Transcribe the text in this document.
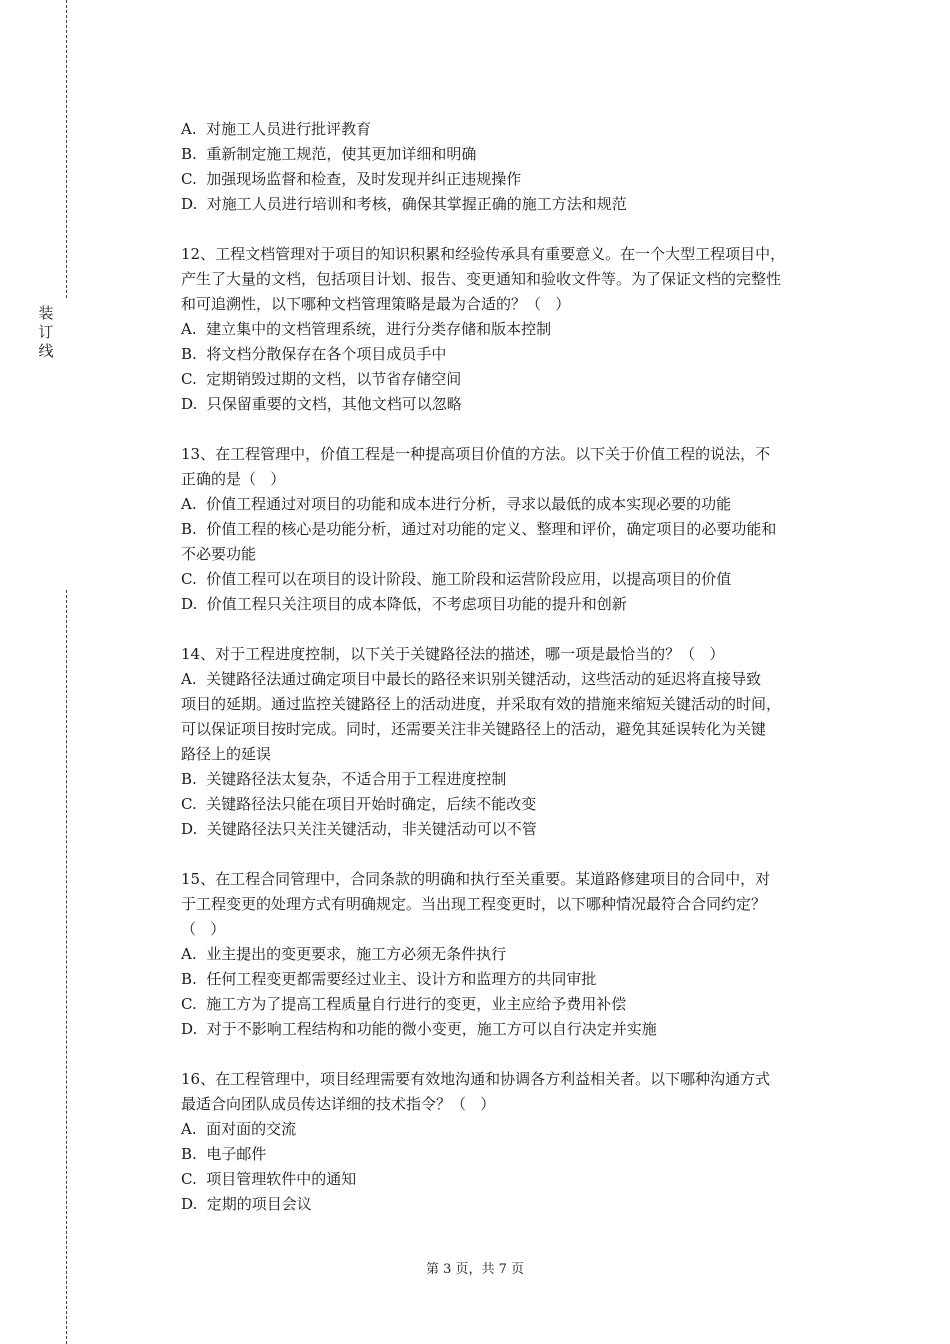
装
订
线
A.  对施工人员进行批评教育
B.  重新制定施工规范，使其更加详细和明确
C.  加强现场监督和检查，及时发现并纠正违规操作
D.  对施工人员进行培训和考核，确保其掌握正确的施工方法和规范
12、工程文档管理对于项目的知识积累和经验传承具有重要意义。在一个大型工程项目中，
产生了大量的文档，包括项目计划、报告、变更通知和验收文件等。为了保证文档的完整性
和可追溯性，以下哪种文档管理策略是最为合适的？（   ）
A.  建立集中的文档管理系统，进行分类存储和版本控制
B.  将文档分散保存在各个项目成员手中
C.  定期销毁过期的文档，以节省存储空间
D.  只保留重要的文档，其他文档可以忽略
13、在工程管理中，价值工程是一种提高项目价值的方法。以下关于价值工程的说法，不
正确的是（   ）
A.  价值工程通过对项目的功能和成本进行分析，寻求以最低的成本实现必要的功能
B.  价值工程的核心是功能分析，通过对功能的定义、整理和评价，确定项目的必要功能和
不必要功能
C.  价值工程可以在项目的设计阶段、施工阶段和运营阶段应用，以提高项目的价值
D.  价值工程只关注项目的成本降低，不考虑项目功能的提升和创新
14、对于工程进度控制，以下关于关键路径法的描述，哪一项是最恰当的？（   ）
A.  关键路径法通过确定项目中最长的路径来识别关键活动，这些活动的延迟将直接导致
项目的延期。通过监控关键路径上的活动进度，并采取有效的措施来缩短关键活动的时间，
可以保证项目按时完成。同时，还需要关注非关键路径上的活动，避免其延误转化为关键
路径上的延误
B.  关键路径法太复杂，不适合用于工程进度控制
C.  关键路径法只能在项目开始时确定，后续不能改变
D.  关键路径法只关注关键活动，非关键活动可以不管
15、在工程合同管理中，合同条款的明确和执行至关重要。某道路修建项目的合同中，对
于工程变更的处理方式有明确规定。当出现工程变更时，以下哪种情况最符合合同约定？
（   ）
A.  业主提出的变更要求，施工方必须无条件执行
B.  任何工程变更都需要经过业主、设计方和监理方的共同审批
C.  施工方为了提高工程质量自行进行的变更，业主应给予费用补偿
D.  对于不影响工程结构和功能的微小变更，施工方可以自行决定并实施
16、在工程管理中，项目经理需要有效地沟通和协调各方利益相关者。以下哪种沟通方式
最适合向团队成员传达详细的技术指令？（   ）
A.  面对面的交流
B.  电子邮件
C.  项目管理软件中的通知
D.  定期的项目会议
第 3 页，共 7 页
